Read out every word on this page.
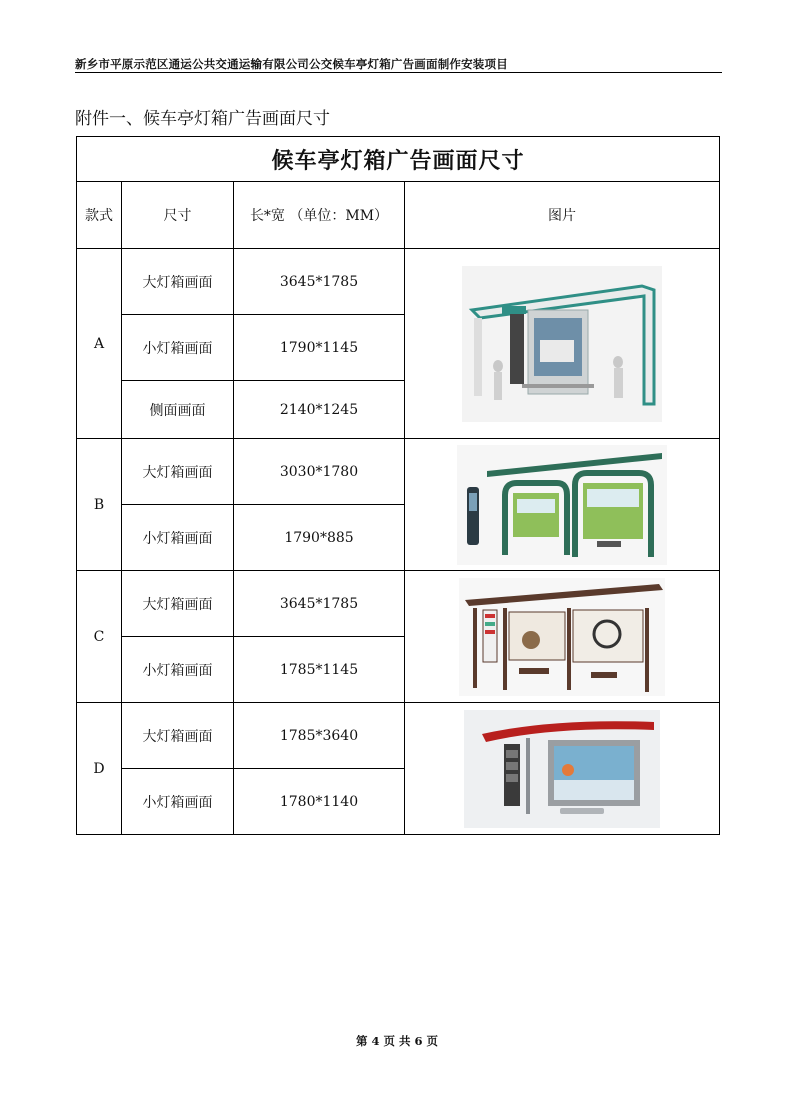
新乡市平原示范区通运公共交通运输有限公司公交候车亭灯箱广告画面制作安装项目
附件一、候车亭灯箱广告画面尺寸
候车亭灯箱广告画面尺寸			
款式	尺寸	长*宽 （单位：MM）	图片
A	大灯箱画面	3645*1785	

	小灯箱画面	1790*1145	
	侧面画面	2140*1245	
B	大灯箱画面	3030*1780	

	小灯箱画面	1790*885	
C	大灯箱画面	3645*1785	

	小灯箱画面	1785*1145	
D	大灯箱画面	1785*3640	

	小灯箱画面	1780*1140	
第 4 页 共 6 页
